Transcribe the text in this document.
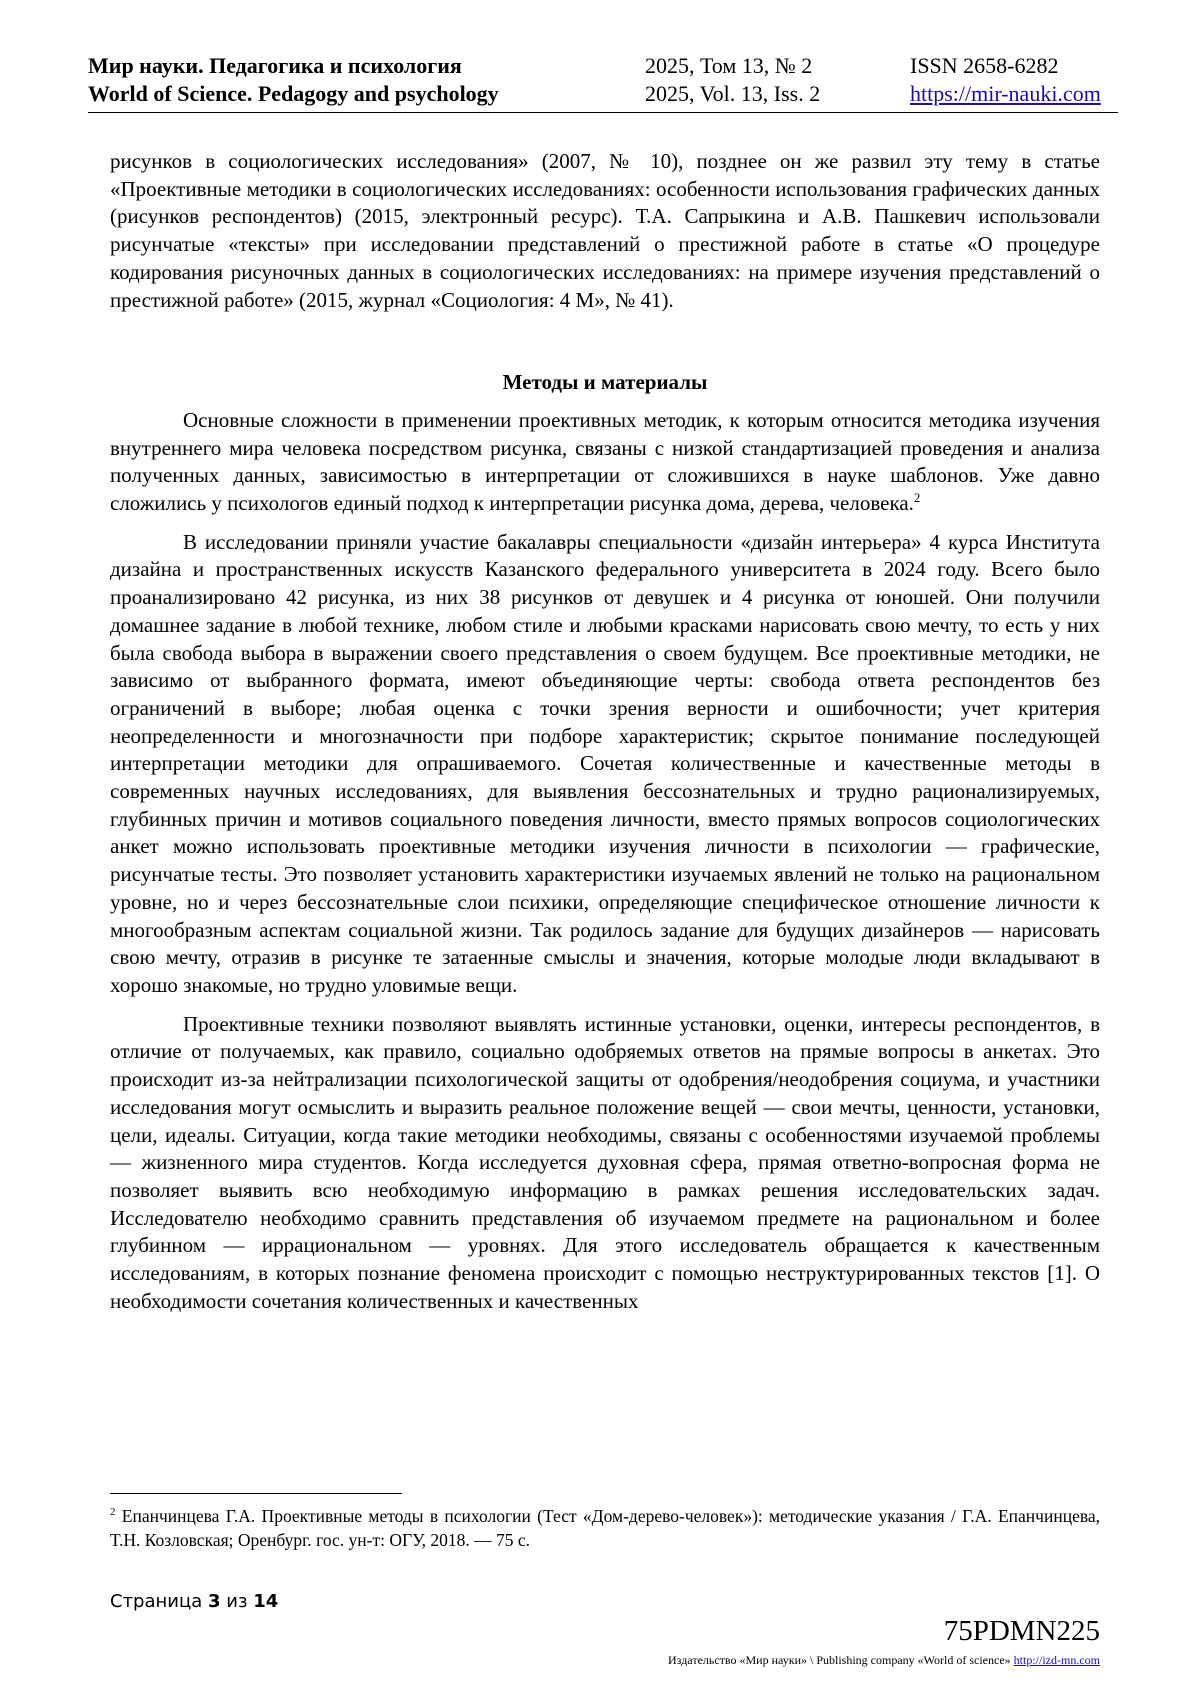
Мир науки. Педагогика и психология	2025, Том 13, № 2	ISSN 2658-6282
World of Science. Pedagogy and psychology	2025, Vol. 13, Iss. 2	https://mir-nauki.com

рисунков в социологических исследования» (2007, № 10), позднее он же развил эту тему в статье «Проективные методики в социологических исследованиях: особенности использования графических данных (рисунков респондентов) (2015, электронный ресурс). Т.А. Сапрыкина и А.В. Пашкевич использовали рисунчатые «тексты» при исследовании представлений о престижной работе в статье «О процедуре кодирования рисуночных данных в социологических исследованиях: на примере изучения представлений о престижной работе» (2015, журнал «Социология: 4 М», № 41).

Методы и материалы

Основные сложности в применении проективных методик, к которым относится методика изучения внутреннего мира человека посредством рисунка, связаны с низкой стандартизацией проведения и анализа полученных данных, зависимостью в интерпретации от сложившихся в науке шаблонов. Уже давно сложились у психологов единый подход к интерпретации рисунка дома, дерева, человека.$^2$

В исследовании приняли участие бакалавры специальности «дизайн интерьера» 4 курса Института дизайна и пространственных искусств Казанского федерального университета в 2024 году. Всего было проанализировано 42 рисунка, из них 38 рисунков от девушек и 4 рисунка от юношей. Они получили домашнее задание в любой технике, любом стиле и любыми красками нарисовать свою мечту, то есть у них была свобода выбора в выражении своего представления о своем будущем. Все проективные методики, не зависимо от выбранного формата, имеют объединяющие черты: свобода ответа респондентов без ограничений в выборе; любая оценка с точки зрения верности и ошибочности; учет критерия неопределенности и многозначности при подборе характеристик; скрытое понимание последующей интерпретации методики для опрашиваемого. Сочетая количественные и качественные методы в современных научных исследованиях, для выявления бессознательных и трудно рационализируемых, глубинных причин и мотивов социального поведения личности, вместо прямых вопросов социологических анкет можно использовать проективные методики изучения личности в психологии — графические, рисунчатые тесты. Это позволяет установить характеристики изучаемых явлений не только на рациональном уровне, но и через бессознательные слои психики, определяющие специфическое отношение личности к многообразным аспектам социальной жизни. Так родилось задание для будущих дизайнеров — нарисовать свою мечту, отразив в рисунке те затаенные смыслы и значения, которые молодые люди вкладывают в хорошо знакомые, но трудно уловимые вещи.

Проективные техники позволяют выявлять истинные установки, оценки, интересы респондентов, в отличие от получаемых, как правило, социально одобряемых ответов на прямые вопросы в анкетах. Это происходит из-за нейтрализации психологической защиты от одобрения/неодобрения социума, и участники исследования могут осмыслить и выразить реальное положение вещей — свои мечты, ценности, установки, цели, идеалы. Ситуации, когда такие методики необходимы, связаны с особенностями изучаемой проблемы — жизненного мира студентов. Когда исследуется духовная сфера, прямая ответно-вопросная форма не позволяет выявить всю необходимую информацию в рамках решения исследовательских задач. Исследователю необходимо сравнить представления об изучаемом предмете на рациональном и более глубинном — иррациональном — уровнях. Для этого исследователь обращается к качественным исследованиям, в которых познание феномена происходит с помощью неструктурированных текстов [1]. О необходимости сочетания количественных и качественных

$^2$ Епанчинцева Г.А. Проективные методы в психологии (Тест «Дом-дерево-человек»): методические указания / Г.А. Епанчинцева, Т.Н. Козловская; Оренбург. гос. ун-т: ОГУ, 2018. — 75 с.
Страница 3 из 14
75PDMN225
Издательство «Мир науки» \ Publishing company «World of science» http://izd-mn.com
